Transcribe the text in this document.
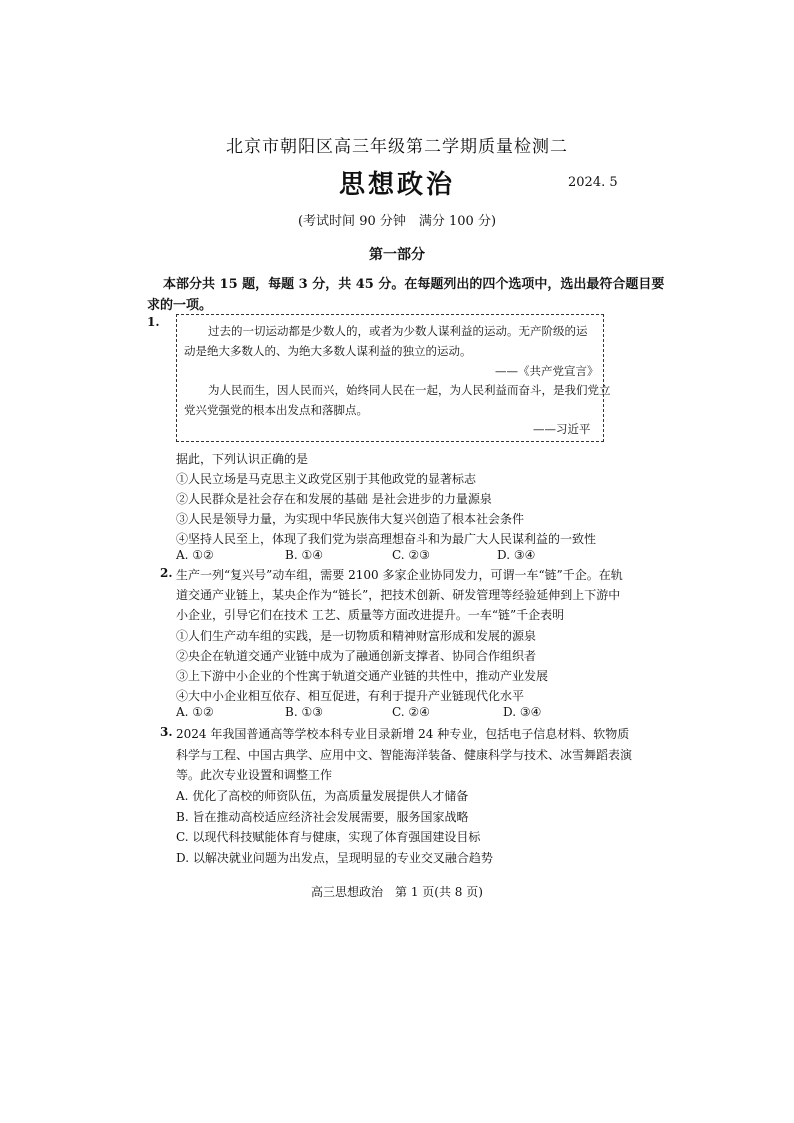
北京市朝阳区高三年级第二学期质量检测二
思想政治	2024. 5
(考试时间 90 分钟　满分 100 分)
第一部分
本部分共 15 题，每题 3 分，共 45 分。在每题列出的四个选项中，选出最符合题目要
求的一项。
1.
过去的一切运动都是少数人的，或者为少数人谋利益的运动。无产阶级的运
动是绝大多数人的、为绝大多数人谋利益的独立的运动。
——《共产党宣言》
为人民而生，因人民而兴，始终同人民在一起，为人民利益而奋斗，是我们党立
党兴党强党的根本出发点和落脚点。
——习近平
据此，下列认识正确的是
①人民立场是马克思主义政党区别于其他政党的显著标志
②人民群众是社会存在和发展的基础 是社会进步的力量源泉
③人民是领导力量，为实现中华民族伟大复兴创造了根本社会条件
④坚持人民至上，体现了我们党为崇高理想奋斗和为最广大人民谋利益的一致性
A. ①②	B. ①④	C. ②③	D. ③④
2. 生产一列“复兴号”动车组，需要 2100 多家企业协同发力，可谓一车“链”千企。在轨
道交通产业链上，某央企作为“链长”，把技术创新、研发管理等经验延伸到上下游中
小企业，引导它们在技术 工艺、质量等方面改进提升。一车“链”千企表明
①人们生产动车组的实践，是一切物质和精神财富形成和发展的源泉
②央企在轨道交通产业链中成为了融通创新支撑者、协同合作组织者
③上下游中小企业的个性寓于轨道交通产业链的共性中，推动产业发展
④大中小企业相互依存、相互促进，有利于提升产业链现代化水平
A. ①②	B. ①③	C. ②④	D. ③④
3. 2024 年我国普通高等学校本科专业目录新增 24 种专业，包括电子信息材料、软物质
科学与工程、中国古典学、应用中文、智能海洋装备、健康科学与技术、冰雪舞蹈表演
等。此次专业设置和调整工作
A. 优化了高校的师资队伍，为高质量发展提供人才储备
B. 旨在推动高校适应经济社会发展需要，服务国家战略
C. 以现代科技赋能体育与健康，实现了体育强国建设目标
D. 以解决就业问题为出发点，呈现明显的专业交叉融合趋势
高三思想政治　第 1 页(共 8 页)
